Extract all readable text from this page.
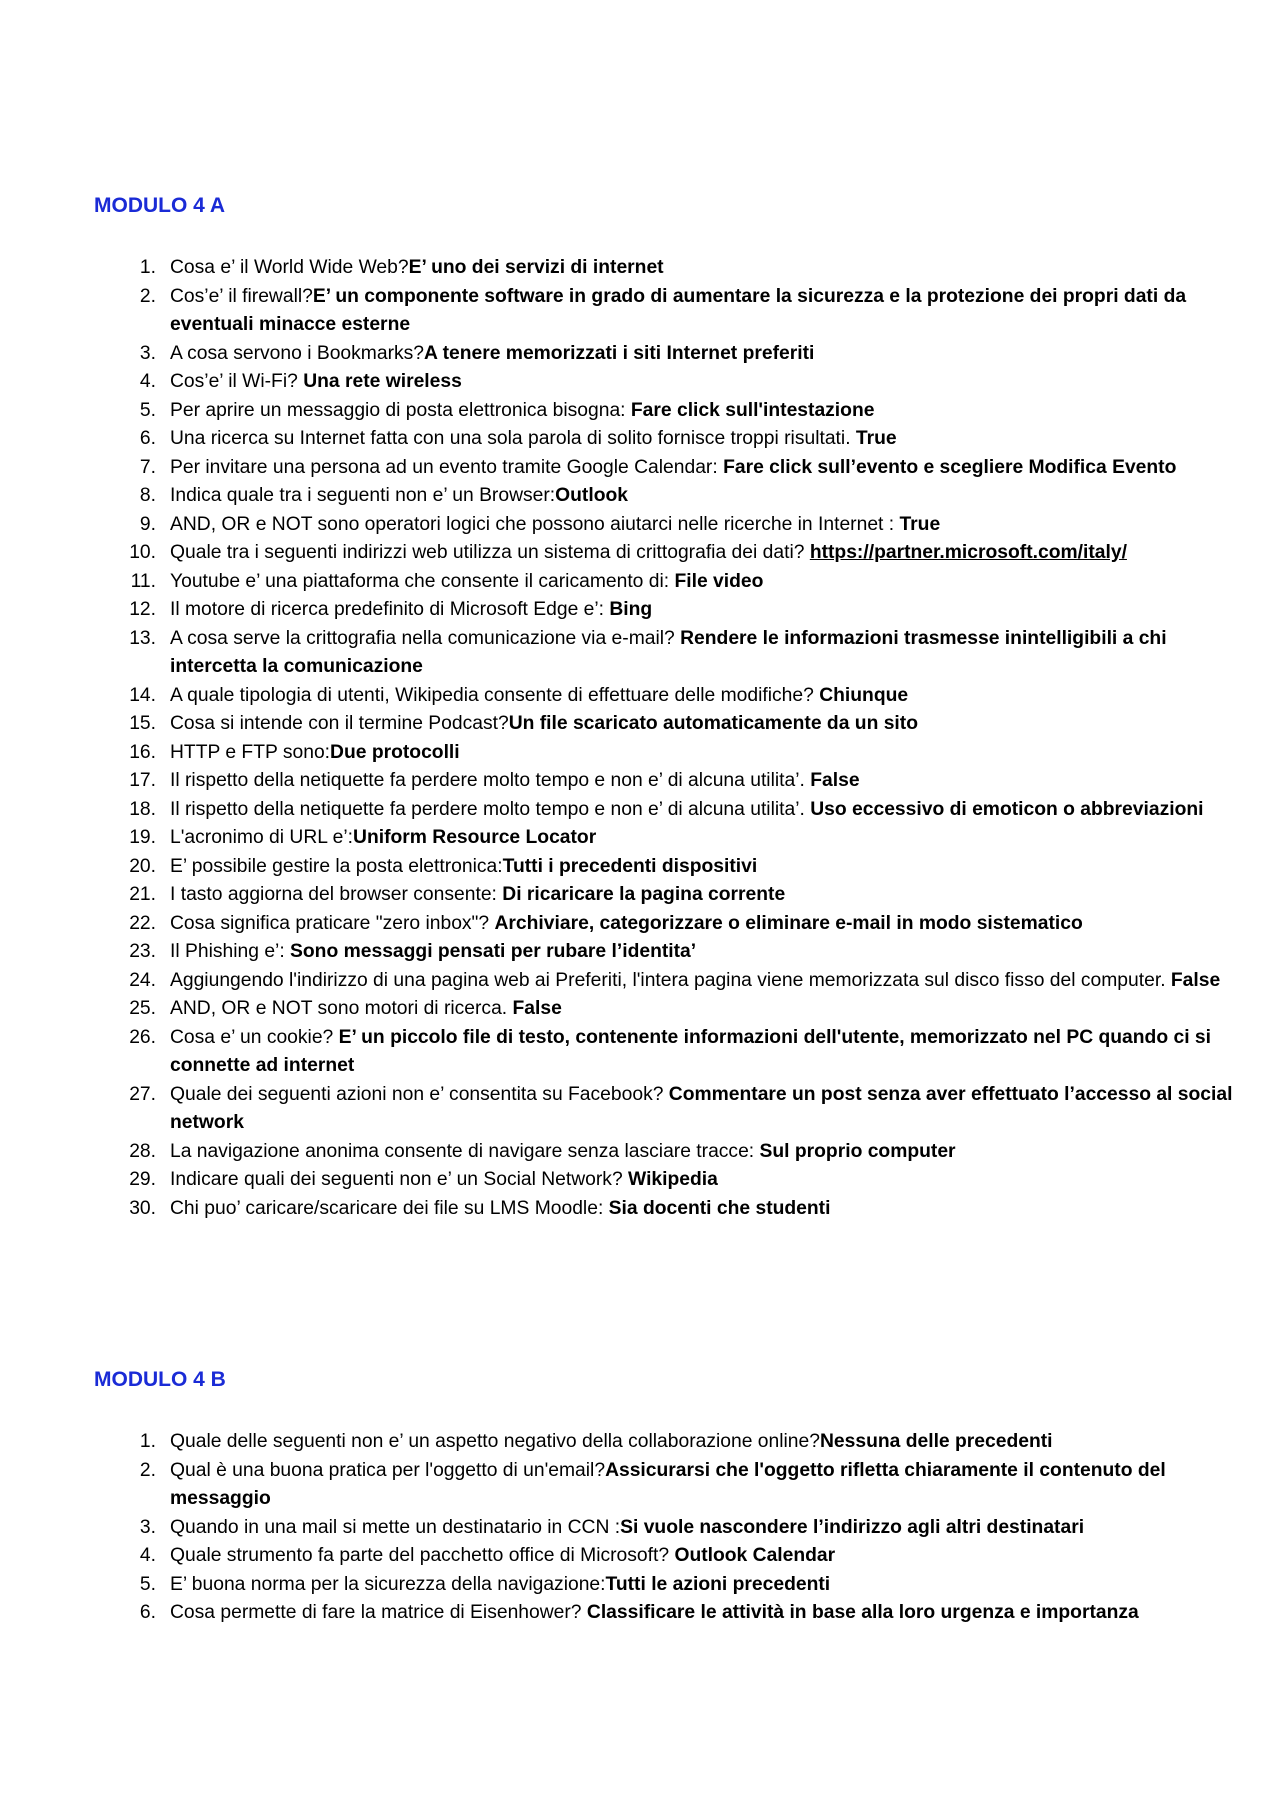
MODULO 4 A
1. Cosa e’ il World Wide Web?E’ uno dei servizi di internet
2. Cos’e’ il firewall?E’ un componente software in grado di aumentare la sicurezza e la protezione dei propri dati da eventuali minacce esterne
3. A cosa servono i Bookmarks?A tenere memorizzati i siti Internet preferiti
4. Cos’e’ il Wi-Fi? Una rete wireless
5. Per aprire un messaggio di posta elettronica bisogna: Fare click sull'intestazione
6. Una ricerca su Internet fatta con una sola parola di solito fornisce troppi risultati. True
7. Per invitare una persona ad un evento tramite Google Calendar: Fare click sull’evento e scegliere Modifica Evento
8. Indica quale tra i seguenti non e’ un Browser:Outlook
9. AND, OR e NOT sono operatori logici che possono aiutarci nelle ricerche in Internet : True
10. Quale tra i seguenti indirizzi web utilizza un sistema di crittografia dei dati? https://partner.microsoft.com/italy/
11. Youtube e’ una piattaforma che consente il caricamento di: File video
12. Il motore di ricerca predefinito di Microsoft Edge e’: Bing
13. A cosa serve la crittografia nella comunicazione via e-mail? Rendere le informazioni trasmesse inintelligibili a chi intercetta la comunicazione
14. A quale tipologia di utenti, Wikipedia consente di effettuare delle modifiche? Chiunque
15. Cosa si intende con il termine Podcast?Un file scaricato automaticamente da un sito
16. HTTP e FTP sono:Due protocolli
17. Il rispetto della netiquette fa perdere molto tempo e non e’ di alcuna utilita’. False
18. Il rispetto della netiquette fa perdere molto tempo e non e’ di alcuna utilita’. Uso eccessivo di emoticon o abbreviazioni
19. L'acronimo di URL e’:Uniform Resource Locator
20. E’ possibile gestire la posta elettronica:Tutti i precedenti dispositivi
21. I tasto aggiorna del browser consente: Di ricaricare la pagina corrente
22. Cosa significa praticare "zero inbox"? Archiviare, categorizzare o eliminare e-mail in modo sistematico
23. Il Phishing e’: Sono messaggi pensati per rubare l’identita’
24. Aggiungendo l'indirizzo di una pagina web ai Preferiti, l'intera pagina viene memorizzata sul disco fisso del computer. False
25. AND, OR e NOT sono motori di ricerca. False
26. Cosa e’ un cookie? E’ un piccolo file di testo, contenente informazioni dell'utente, memorizzato nel PC quando ci si connette ad internet
27. Quale dei seguenti azioni non e’ consentita su Facebook? Commentare un post senza aver effettuato l’accesso al social network
28. La navigazione anonima consente di navigare senza lasciare tracce: Sul proprio computer
29. Indicare quali dei seguenti non e’ un Social Network? Wikipedia
30. Chi puo’ caricare/scaricare dei file su LMS Moodle: Sia docenti che studenti
MODULO 4 B
1. Quale delle seguenti non e’ un aspetto negativo della collaborazione online?Nessuna delle precedenti
2. Qual è una buona pratica per l'oggetto di un'email?Assicurarsi che l'oggetto rifletta chiaramente il contenuto del messaggio
3. Quando in una mail si mette un destinatario in CCN :Si vuole nascondere l’indirizzo agli altri destinatari
4. Quale strumento fa parte del pacchetto office di Microsoft? Outlook Calendar
5. E’ buona norma per la sicurezza della navigazione:Tutti le azioni precedenti
6. Cosa permette di fare la matrice di Eisenhower? Classificare le attività in base alla loro urgenza e importanza
